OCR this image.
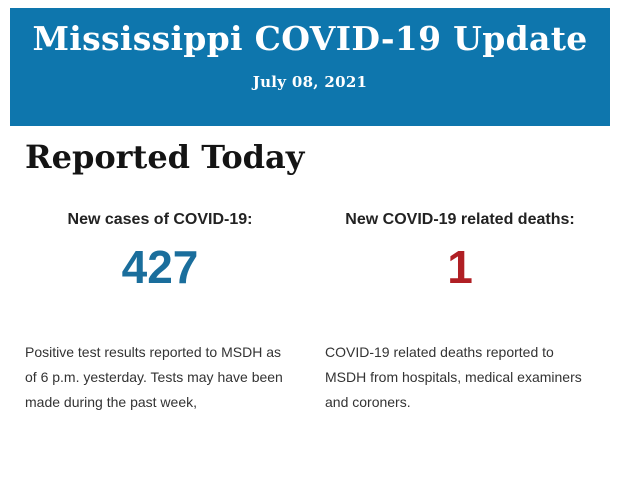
Mississippi COVID-19 Update
July 08, 2021
Reported Today
New cases of COVID-19:
427

Positive test results reported to MSDH as of 6 p.m. yesterday. Tests may have been made during the past week,

New COVID-19 related deaths:
1

COVID-19 related deaths reported to MSDH from hospitals, medical examiners and coroners.
